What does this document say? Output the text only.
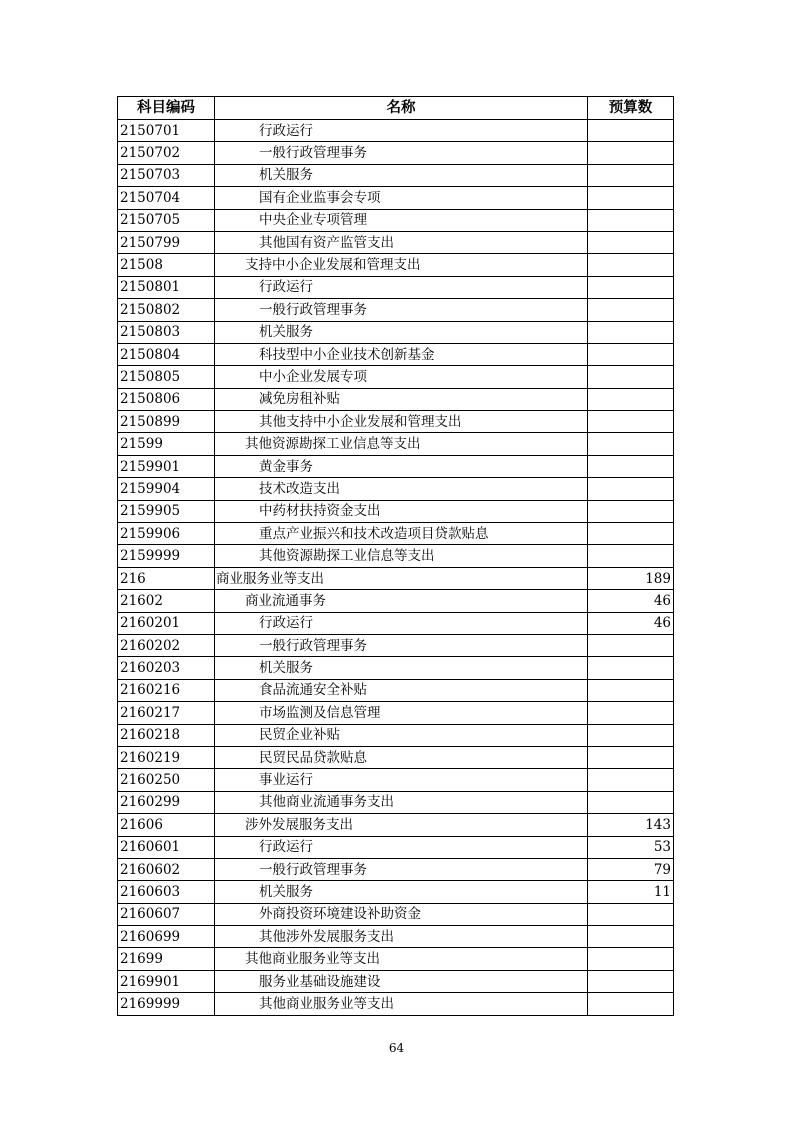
科目编码	名称	预算数
2150701	行政运行	
2150702	一般行政管理事务	
2150703	机关服务	
2150704	国有企业监事会专项	
2150705	中央企业专项管理	
2150799	其他国有资产监管支出	
21508	支持中小企业发展和管理支出	
2150801	行政运行	
2150802	一般行政管理事务	
2150803	机关服务	
2150804	科技型中小企业技术创新基金	
2150805	中小企业发展专项	
2150806	减免房租补贴	
2150899	其他支持中小企业发展和管理支出	
21599	其他资源勘探工业信息等支出	
2159901	黄金事务	
2159904	技术改造支出	
2159905	中药材扶持资金支出	
2159906	重点产业振兴和技术改造项目贷款贴息	
2159999	其他资源勘探工业信息等支出	
216	商业服务业等支出	189
21602	商业流通事务	46
2160201	行政运行	46
2160202	一般行政管理事务	
2160203	机关服务	
2160216	食品流通安全补贴	
2160217	市场监测及信息管理	
2160218	民贸企业补贴	
2160219	民贸民品贷款贴息	
2160250	事业运行	
2160299	其他商业流通事务支出	
21606	涉外发展服务支出	143
2160601	行政运行	53
2160602	一般行政管理事务	79
2160603	机关服务	11
2160607	外商投资环境建设补助资金	
2160699	其他涉外发展服务支出	
21699	其他商业服务业等支出	
2169901	服务业基础设施建设	
2169999	其他商业服务业等支出	
64
